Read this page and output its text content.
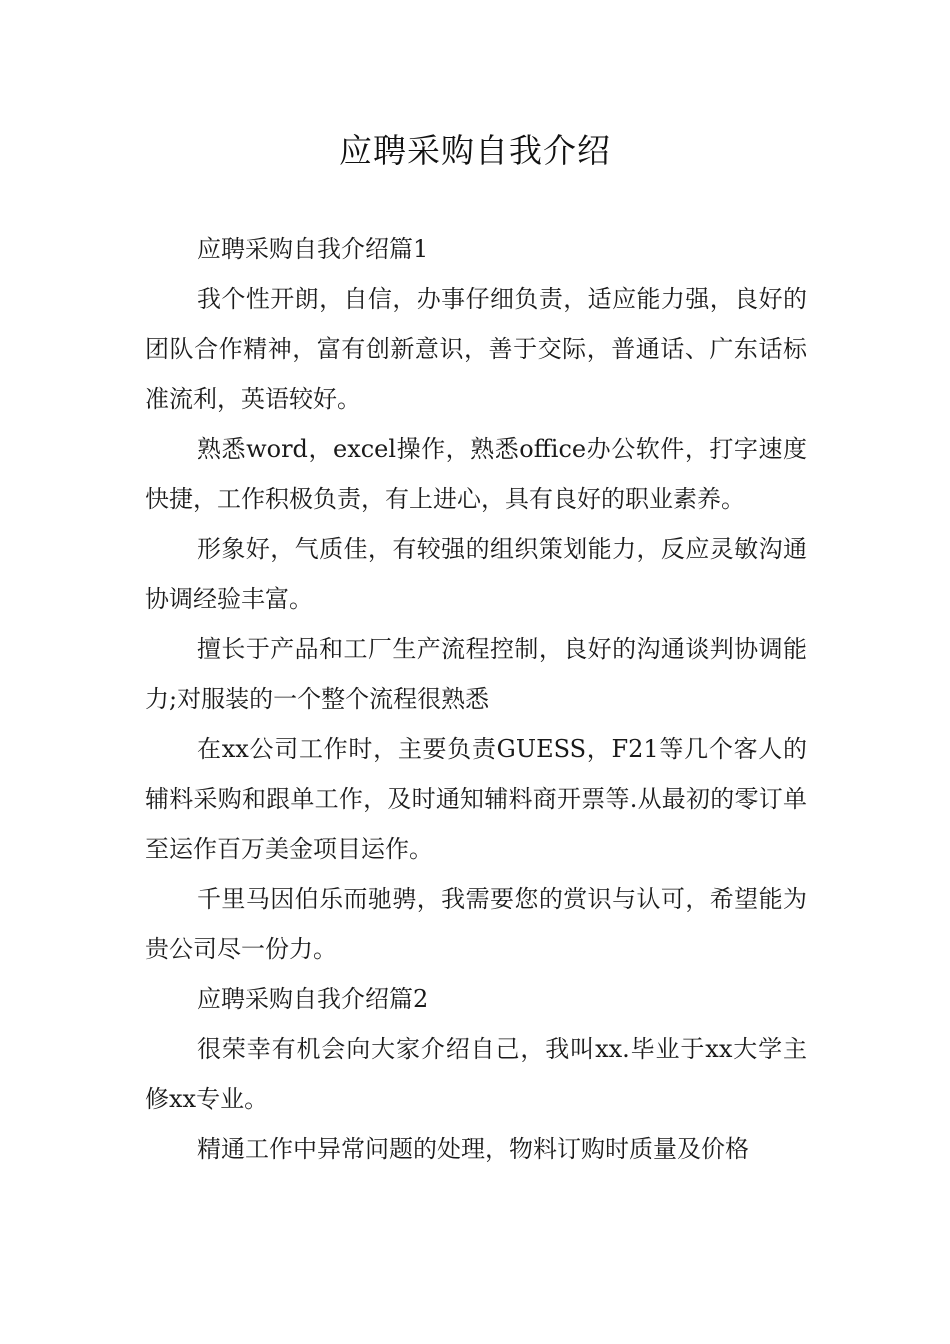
应聘采购自我介绍

应聘采购自我介绍篇1

我个性开朗，自信，办事仔细负责，适应能力强，良好的团队合作精神，富有创新意识，善于交际，普通话、广东话标准流利，英语较好。

熟悉word，excel操作，熟悉office办公软件，打字速度快捷，工作积极负责，有上进心，具有良好的职业素养。

形象好，气质佳，有较强的组织策划能力，反应灵敏沟通协调经验丰富。

擅长于产品和工厂生产流程控制，良好的沟通谈判协调能力;对服装的一个整个流程很熟悉

在xx公司工作时，主要负责GUESS，F21等几个客人的辅料采购和跟单工作，及时通知辅料商开票等.从最初的零订单至运作百万美金项目运作。

千里马因伯乐而驰骋，我需要您的赏识与认可，希望能为贵公司尽一份力。

应聘采购自我介绍篇2

很荣幸有机会向大家介绍自己，我叫xx.毕业于xx大学主修xx专业。

精通工作中异常问题的处理，物料订购时质量及价格
